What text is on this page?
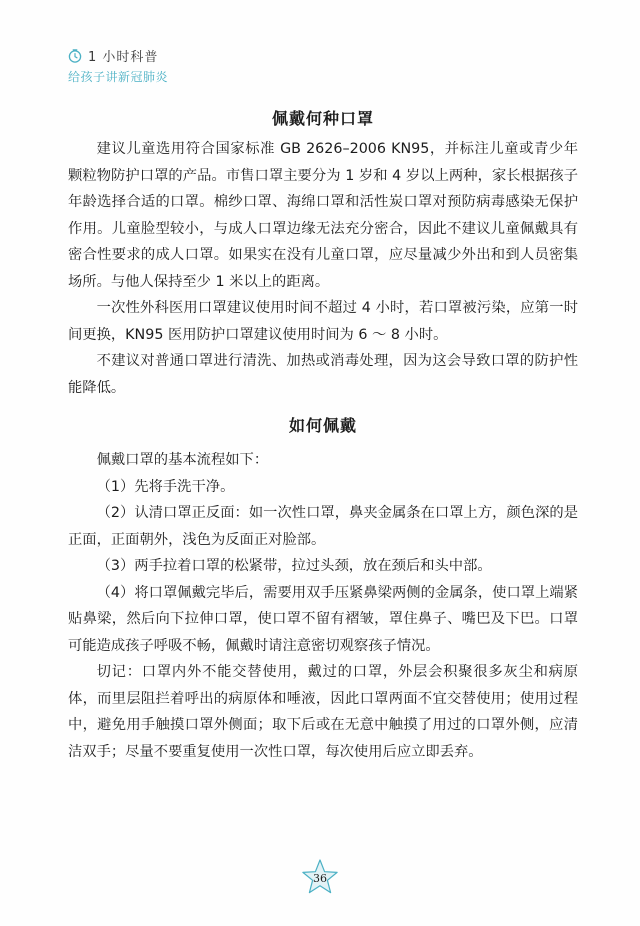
1 小时科普
给孩子讲新冠肺炎
佩戴何种口罩

建议儿童选用符合国家标准 GB 2626–2006 KN95，并标注儿童或青少年颗粒物防护口罩的产品。市售口罩主要分为 1 岁和 4 岁以上两种，家长根据孩子年龄选择合适的口罩。棉纱口罩、海绵口罩和活性炭口罩对预防病毒感染无保护作用。儿童脸型较小，与成人口罩边缘无法充分密合，因此不建议儿童佩戴具有密合性要求的成人口罩。如果实在没有儿童口罩，应尽量减少外出和到人员密集场所。与他人保持至少 1 米以上的距离。

一次性外科医用口罩建议使用时间不超过 4 小时，若口罩被污染，应第一时间更换，KN95 医用防护口罩建议使用时间为 6 ～ 8 小时。

不建议对普通口罩进行清洗、加热或消毒处理，因为这会导致口罩的防护性能降低。

如何佩戴

佩戴口罩的基本流程如下：

（1）先将手洗干净。

（2）认清口罩正反面：如一次性口罩，鼻夹金属条在口罩上方，颜色深的是正面，正面朝外，浅色为反面正对脸部。

（3）两手拉着口罩的松紧带，拉过头颈，放在颈后和头中部。

（4）将口罩佩戴完毕后，需要用双手压紧鼻梁两侧的金属条，使口罩上端紧贴鼻梁，然后向下拉伸口罩，使口罩不留有褶皱，罩住鼻子、嘴巴及下巴。口罩可能造成孩子呼吸不畅，佩戴时请注意密切观察孩子情况。

切记：口罩内外不能交替使用，戴过的口罩，外层会积聚很多灰尘和病原体，而里层阻拦着呼出的病原体和唾液，因此口罩两面不宜交替使用；使用过程中，避免用手触摸口罩外侧面；取下后或在无意中触摸了用过的口罩外侧，应清洁双手；尽量不要重复使用一次性口罩，每次使用后应立即丢弃。

36
